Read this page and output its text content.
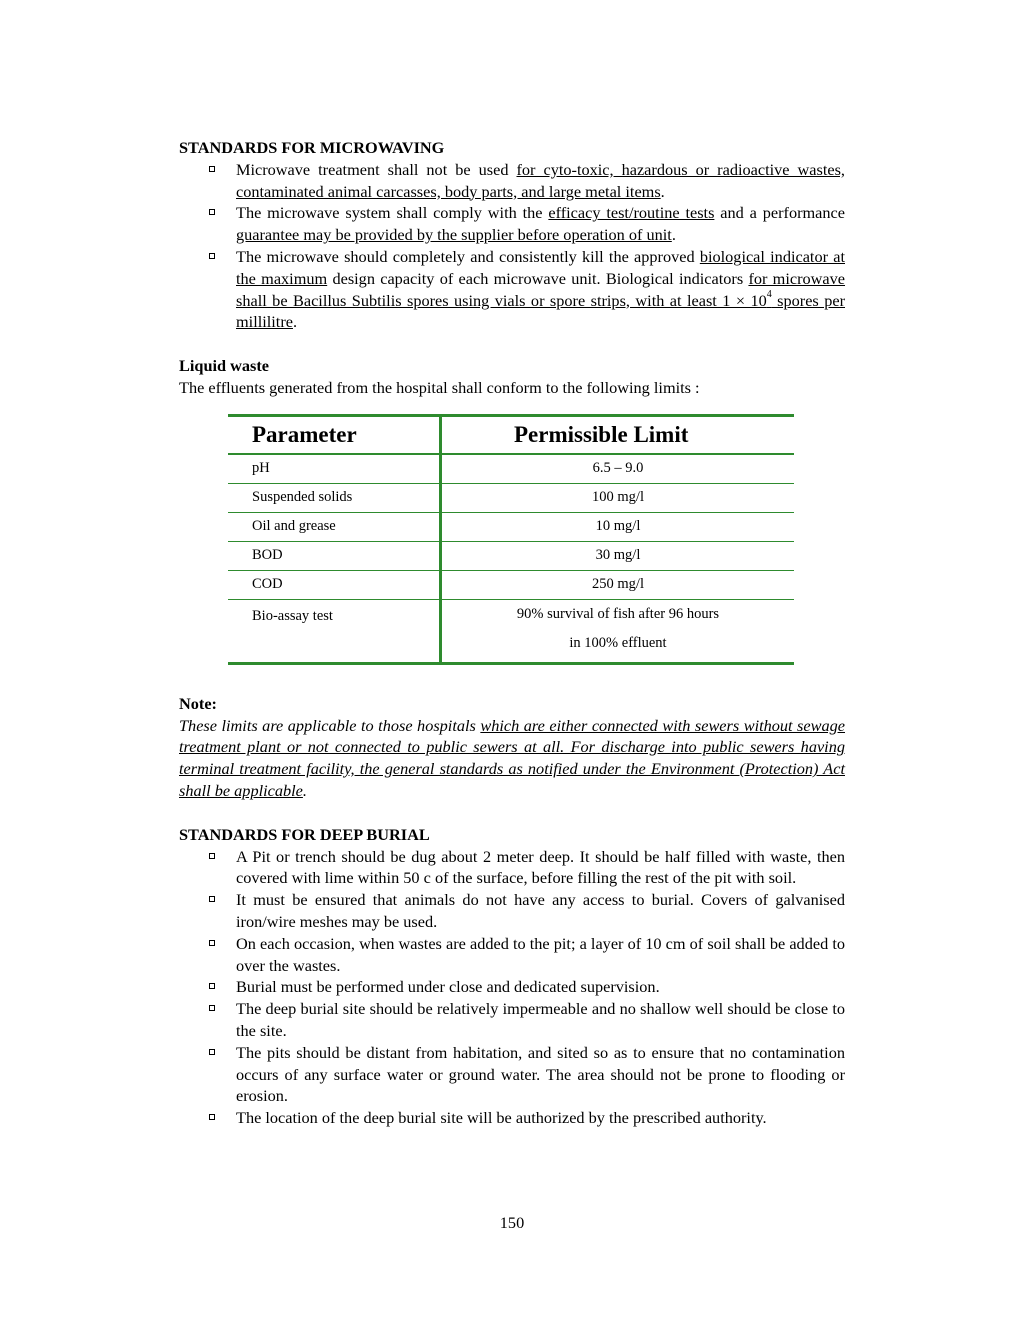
STANDARDS FOR MICROWAVING

Microwave treatment shall not be used for cyto-toxic, hazardous or radioactive wastes, contaminated animal carcasses, body parts, and large metal items.
The microwave system shall comply with the efficacy test/routine tests and a performance guarantee may be provided by the supplier before operation of unit.
The microwave should completely and consistently kill the approved biological indicator at the maximum design capacity of each microwave unit. Biological indicators for microwave shall be Bacillus Subtilis spores using vials or spore strips, with at least $1 \times 10^4$ spores per millilitre.

Liquid waste

The effluents generated from the hospital shall conform to the following limits :

Parameter	Permissible Limit
pH	6.5 – 9.0
Suspended solids	100 mg/l
Oil and grease	10 mg/l
BOD	30 mg/l
COD	250 mg/l
Bio-assay test	90% survival of fish after 96 hours
in 100% effluent

Note:

These limits are applicable to those hospitals which are either connected with sewers without sewage treatment plant or not connected to public sewers at all. For discharge into public sewers having terminal treatment facility, the general standards as notified under the Environment (Protection) Act shall be applicable.

STANDARDS FOR DEEP BURIAL

A Pit or trench should be dug about 2 meter deep. It should be half filled with waste, then covered with lime within 50 c of the surface, before filling the rest of the pit with soil.
It must be ensured that animals do not have any access to burial. Covers of galvanised iron/wire meshes may be used.
On each occasion, when wastes are added to the pit; a layer of 10 cm of soil shall be added to over the wastes.
Burial must be performed under close and dedicated supervision.
The deep burial site should be relatively impermeable and no shallow well should be close to the site.
The pits should be distant from habitation, and sited so as to ensure that no contamination occurs of any surface water or ground water. The area should not be prone to flooding or erosion.
The location of the deep burial site will be authorized by the prescribed authority.
150
